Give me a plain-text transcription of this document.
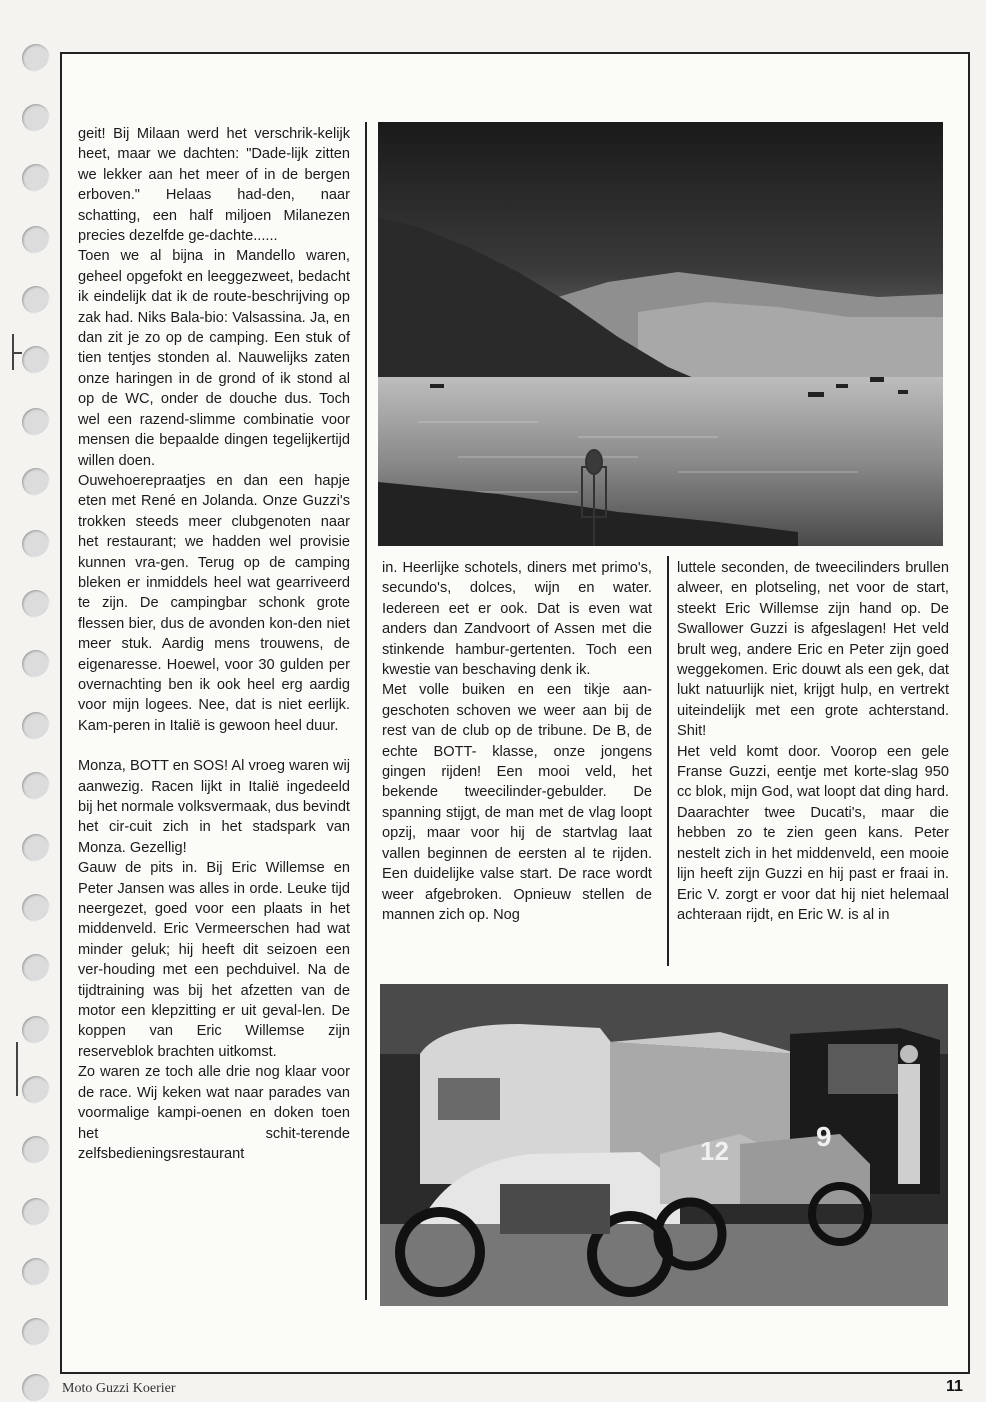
geit! Bij Milaan werd het verschrik-kelijk heet, maar we dachten: "Dade-lijk zitten we lekker aan het meer of in de bergen erboven." Helaas had-den, naar schatting, een half miljoen Milanezen precies dezelfde ge-dachte......

Toen we al bijna in Mandello waren, geheel opgefokt en leeggezweet, bedacht ik eindelijk dat ik de route-beschrijving op zak had. Niks Bala-bio: Valsassina. Ja, en dan zit je zo op de camping. Een stuk of tien tentjes stonden al. Nauwelijks zaten onze haringen in de grond of ik stond al op de WC, onder de douche dus. Toch wel een razend-slimme combinatie voor mensen die bepaalde dingen tegelijkertijd willen doen.

Ouwehoerepraatjes en dan een hapje eten met René en Jolanda. Onze Guzzi's trokken steeds meer clubgenoten naar het restaurant; we hadden wel provisie kunnen vra-gen. Terug op de camping bleken er inmiddels heel wat gearriveerd te zijn. De campingbar schonk grote flessen bier, dus de avonden kon-den niet meer stuk. Aardig mens trouwens, de eigenaresse. Hoewel, voor 30 gulden per overnachting ben ik ook heel erg aardig voor mijn logees. Nee, dat is niet eerlijk. Kam-peren in Italië is gewoon heel duur.

Monza, BOTT en SOS! Al vroeg waren wij aanwezig. Racen lijkt in Italië ingedeeld bij het normale volksvermaak, dus bevindt het cir-cuit zich in het stadspark van Monza. Gezellig!

Gauw de pits in. Bij Eric Willemse en Peter Jansen was alles in orde. Leuke tijd neergezet, goed voor een plaats in het middenveld. Eric Vermeerschen had wat minder geluk; hij heeft dit seizoen een ver-houding met een pechduivel. Na de tijdtraining was bij het afzetten van de motor een klepzitting er uit geval-len. De koppen van Eric Willemse zijn reserveblok brachten uitkomst.

Zo waren ze toch alle drie nog klaar voor de race. Wij keken wat naar parades van voormalige kampi-oenen en doken toen het schit-terende zelfsbedieningsrestaurant

in. Heerlijke schotels, diners met primo's, secundo's, dolces, wijn en water. Iedereen eet er ook. Dat is even wat anders dan Zandvoort of Assen met die stinkende hambur-gertenten. Toch een kwestie van beschaving denk ik.

Met volle buiken en een tikje aan-geschoten schoven we weer aan bij de rest van de club op de tribune. De B, de echte BOTT- klasse, onze jongens gingen rijden! Een mooi veld, het bekende tweecilinder-gebulder. De spanning stijgt, de man met de vlag loopt opzij, maar voor hij de startvlag laat vallen beginnen de eersten al te rijden. Een duidelijke valse start. De race wordt weer afgebroken. Opnieuw stellen de mannen zich op. Nog

luttele seconden, de tweecilinders brullen alweer, en plotseling, net voor de start, steekt Eric Willemse zijn hand op. De Swallower Guzzi is afgeslagen! Het veld brult weg, andere Eric en Peter zijn goed weggekomen. Eric douwt als een gek, dat lukt natuurlijk niet, krijgt hulp, en vertrekt uiteindelijk met een grote achterstand. Shit!

Het veld komt door. Voorop een gele Franse Guzzi, eentje met korte-slag 950 cc blok, mijn God, wat loopt dat ding hard. Daarachter twee Ducati's, maar die hebben zo te zien geen kans. Peter nestelt zich in het middenveld, een mooie lijn heeft zijn Guzzi en hij past er fraai in. Eric V. zorgt er voor dat hij niet helemaal achteraan rijdt, en Eric W. is al in

12	9
Moto Guzzi Koerier	11
